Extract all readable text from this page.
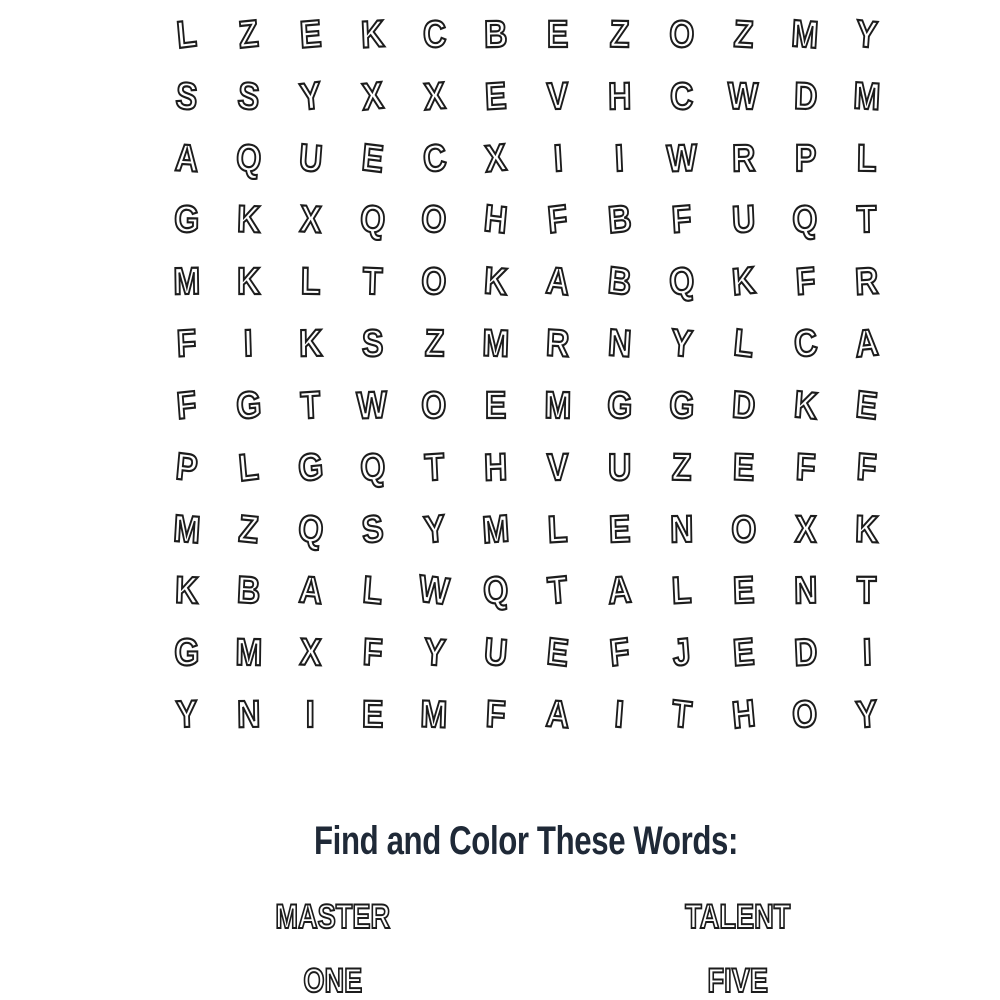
L Z E K C B E Z O Z M Y
S S Y X X E V H C W D M
A Q U E C X I I W R P L
G K X Q O H F B F U Q T
M K L T O K A B Q K F R
F I K S Z M R N Y L C A
F G T W O E M G G D K E
P L G Q T H V U Z E F F
M Z Q S Y M L E N O X K
K B A L W Q T A L E N T
G M X F Y U E F J E D I
Y N I E M F A I T H O Y
Find and Color These Words:
MASTER	TALENT
ONE	FIVE
